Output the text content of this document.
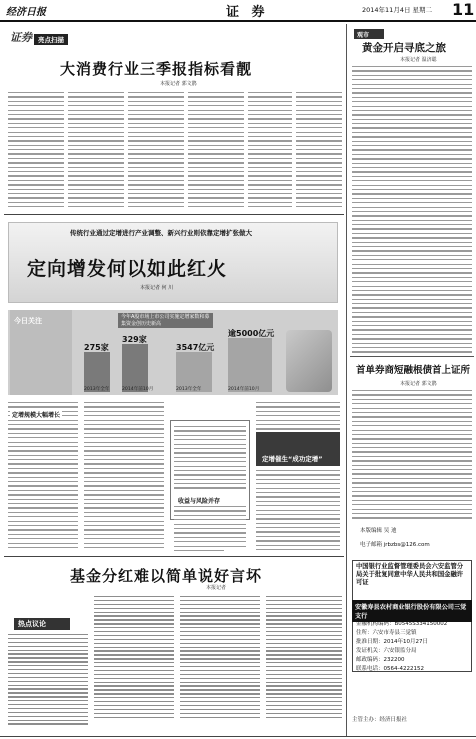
经济日报	证 券	2014年11月4日 星期二 11
证券 亮点扫描
大消费行业三季报指标看靓
本报记者 郭文鹃
传统行业通过定增进行产业调整、新兴行业则依靠定增扩张做大
定向增发何以如此红火
本报记者 何 川
今日关注	今年A股市场上市公司实施定增家数和募集资金创历史新高
275家
329家
3547亿元
逾5000亿元
2013年全年	2014年前10月	2013年全年	2014年前10月
定增规模大幅增长
收益与风险并存
定增催生“成功定增”
基金分红难以简单说好言坏
本报记者
热点议论
观市
黄金开启寻底之旅
本报记者 温济聪
首单券商短融根债首上证所
本报记者 郭文鹃
本版编辑 吴 迪
电子邮箱 jrbzbs@126.com
中国银行业监督管理委员会六安监管分局关于批复同意中华人民共和国金融许可证
安徽寿县农村商业银行股份有限公司三觉支行
金融机构编码：B0545S334150002
住所：六安市寿县三觉镇
批准日期：2014年10月27日
发证机关：六安银监分局
邮政编码：232200
联系电话：0564-4222152
主管主办：经济日报社
